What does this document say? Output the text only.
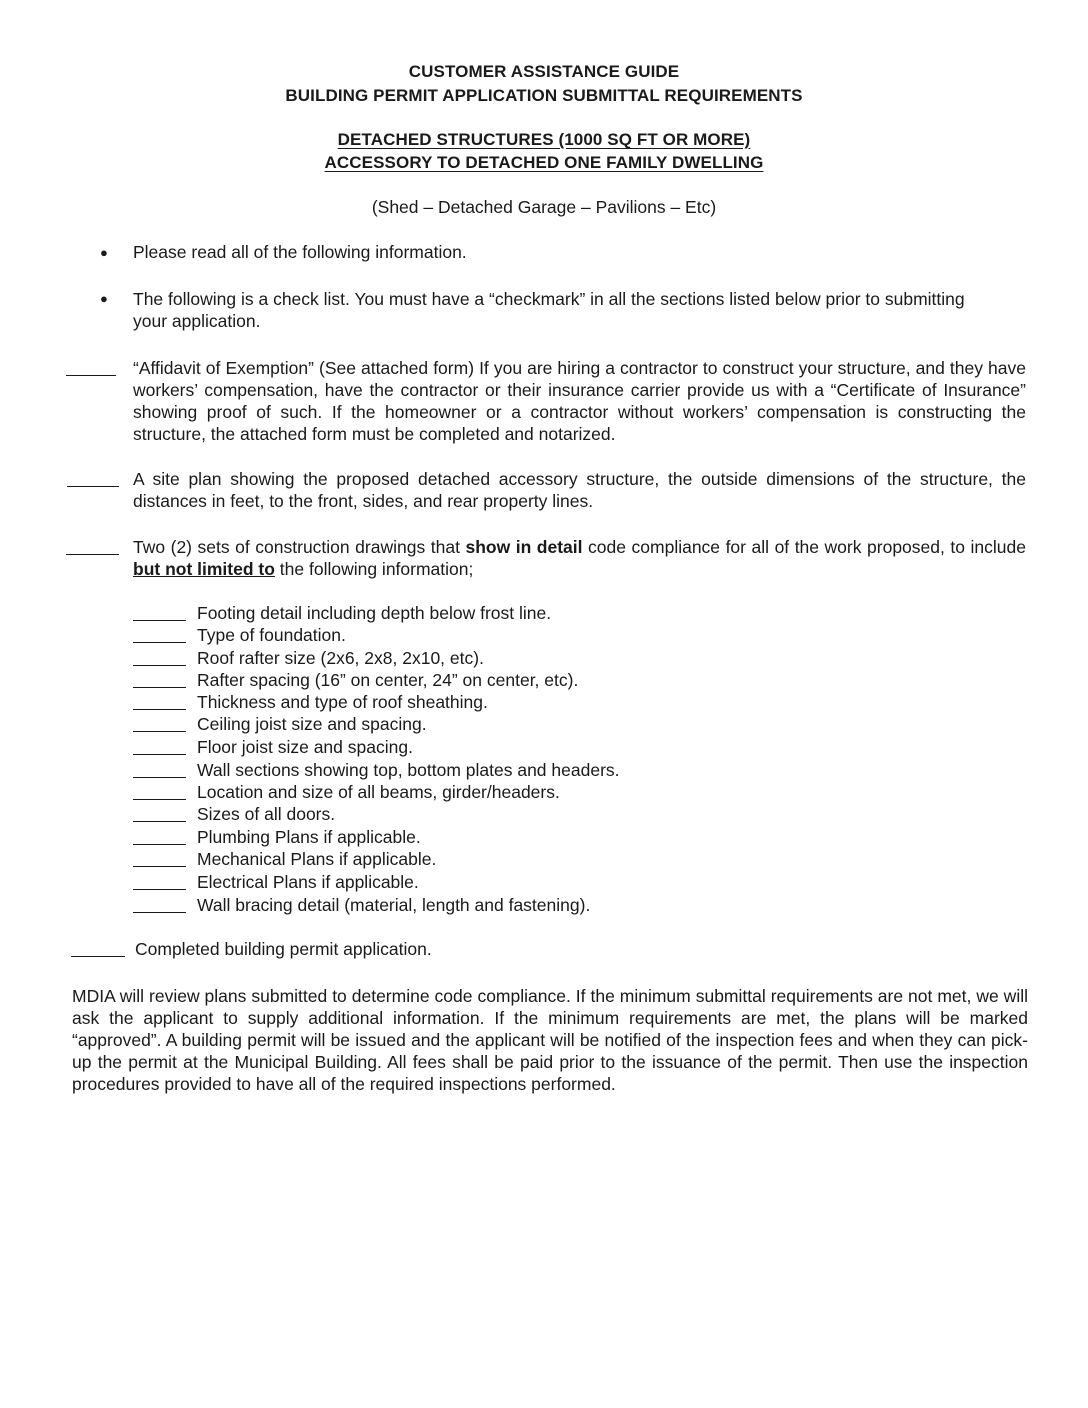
CUSTOMER ASSISTANCE GUIDE
BUILDING PERMIT APPLICATION SUBMITTAL REQUIREMENTS
DETACHED STRUCTURES (1000 SQ FT OR MORE)
ACCESSORY TO DETACHED ONE FAMILY DWELLING
(Shed – Detached Garage – Pavilions – Etc)
● Please read all of the following information.
● The following is a check list. You must have a “checkmark” in all the sections listed below prior to submitting your application.
“Affidavit of Exemption” (See attached form) If you are hiring a contractor to construct your structure, and they have workers’ compensation, have the contractor or their insurance carrier provide us with a “Certificate of Insurance” showing proof of such. If the homeowner or a contractor without workers’ compensation is constructing the structure, the attached form must be completed and notarized.
A site plan showing the proposed detached accessory structure, the outside dimensions of the structure, the distances in feet, to the front, sides, and rear property lines.
Two (2) sets of construction drawings that show in detail code compliance for all of the work proposed, to include but not limited to the following information;
Footing detail including depth below frost line.
Type of foundation.
Roof rafter size (2x6, 2x8, 2x10, etc).
Rafter spacing (16” on center, 24” on center, etc).
Thickness and type of roof sheathing.
Ceiling joist size and spacing.
Floor joist size and spacing.
Wall sections showing top, bottom plates and headers.
Location and size of all beams, girder/headers.
Sizes of all doors.
Plumbing Plans if applicable.
Mechanical Plans if applicable.
Electrical Plans if applicable.
Wall bracing detail (material, length and fastening).
Completed building permit application.
MDIA will review plans submitted to determine code compliance. If the minimum submittal requirements are not met, we will ask the applicant to supply additional information. If the minimum requirements are met, the plans will be marked “approved”. A building permit will be issued and the applicant will be notified of the inspection fees and when they can pick-up the permit at the Municipal Building. All fees shall be paid prior to the issuance of the permit. Then use the inspection procedures provided to have all of the required inspections performed.
